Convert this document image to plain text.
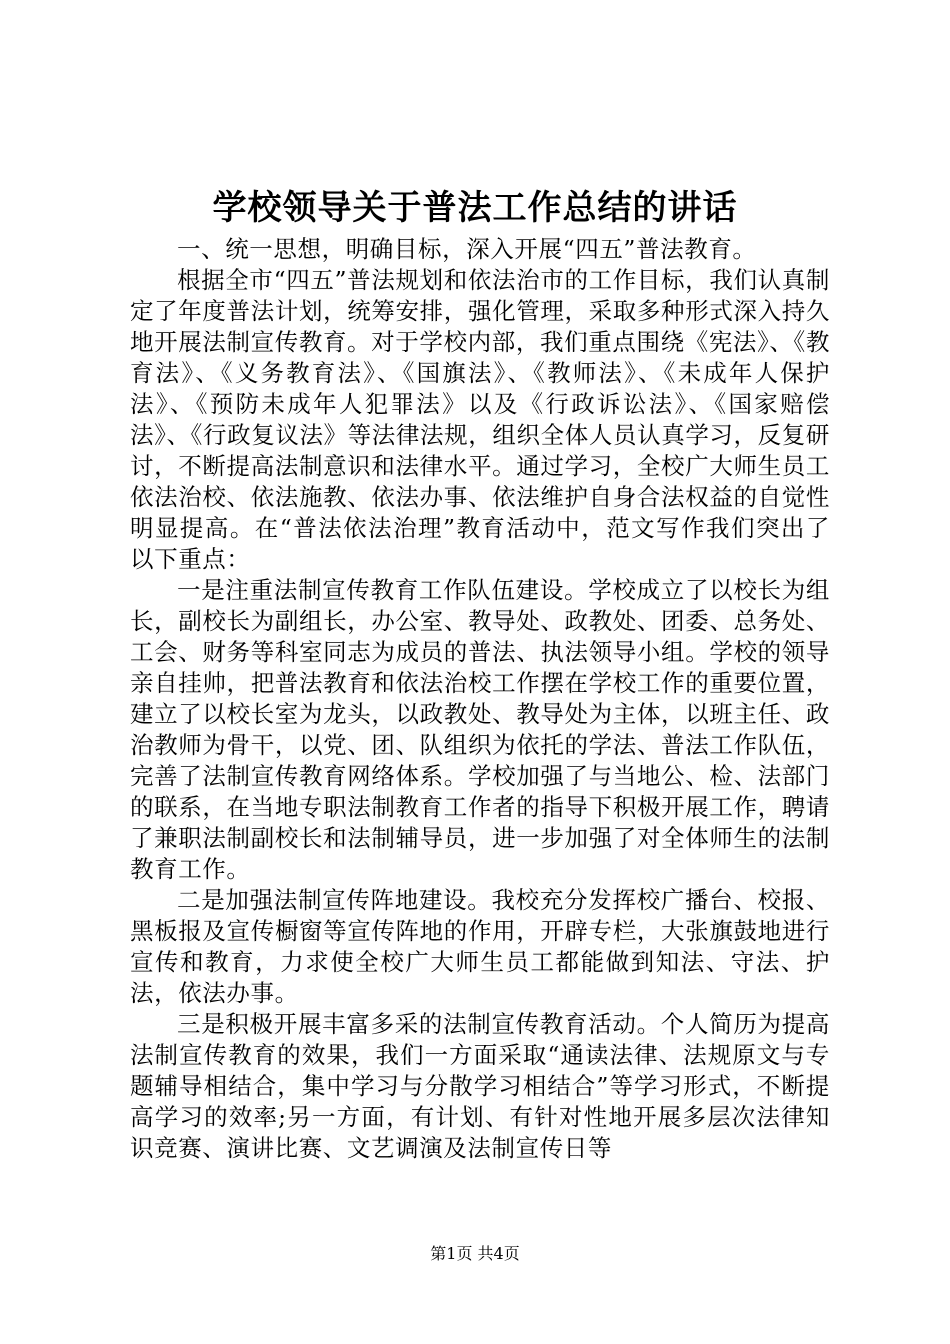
学校领导关于普法工作总结的讲话

一、统一思想，明确目标，深入开展“四五”普法教育。

根据全市“四五”普法规划和依法治市的工作目标，我们认真制定了年度普法计划，统筹安排，强化管理，采取多种形式深入持久地开展法制宣传教育。对于学校内部，我们重点围绕《宪法》、《教育法》、《义务教育法》、《国旗法》、《教师法》、《未成年人保护法》、《预防未成年人犯罪法》以及《行政诉讼法》、《国家赔偿法》、《行政复议法》等法律法规，组织全体人员认真学习，反复研讨，不断提高法制意识和法律水平。通过学习，全校广大师生员工依法治校、依法施教、依法办事、依法维护自身合法权益的自觉性明显提高。在“普法依法治理”教育活动中，范文写作我们突出了以下重点：

一是注重法制宣传教育工作队伍建设。学校成立了以校长为组长，副校长为副组长，办公室、教导处、政教处、团委、总务处、工会、财务等科室同志为成员的普法、执法领导小组。学校的领导亲自挂帅，把普法教育和依法治校工作摆在学校工作的重要位置，建立了以校长室为龙头，以政教处、教导处为主体，以班主任、政治教师为骨干，以党、团、队组织为依托的学法、普法工作队伍，完善了法制宣传教育网络体系。学校加强了与当地公、检、法部门的联系，在当地专职法制教育工作者的指导下积极开展工作，聘请了兼职法制副校长和法制辅导员，进一步加强了对全体师生的法制教育工作。

二是加强法制宣传阵地建设。我校充分发挥校广播台、校报、黑板报及宣传橱窗等宣传阵地的作用，开辟专栏，大张旗鼓地进行宣传和教育，力求使全校广大师生员工都能做到知法、守法、护法，依法办事。

三是积极开展丰富多采的法制宣传教育活动。个人简历为提高法制宣传教育的效果，我们一方面采取“通读法律、法规原文与专题辅导相结合，集中学习与分散学习相结合”等学习形式，不断提高学习的效率;另一方面，有计划、有针对性地开展多层次法律知识竞赛、演讲比赛、文艺调演及法制宣传日等

第1页 共4页
